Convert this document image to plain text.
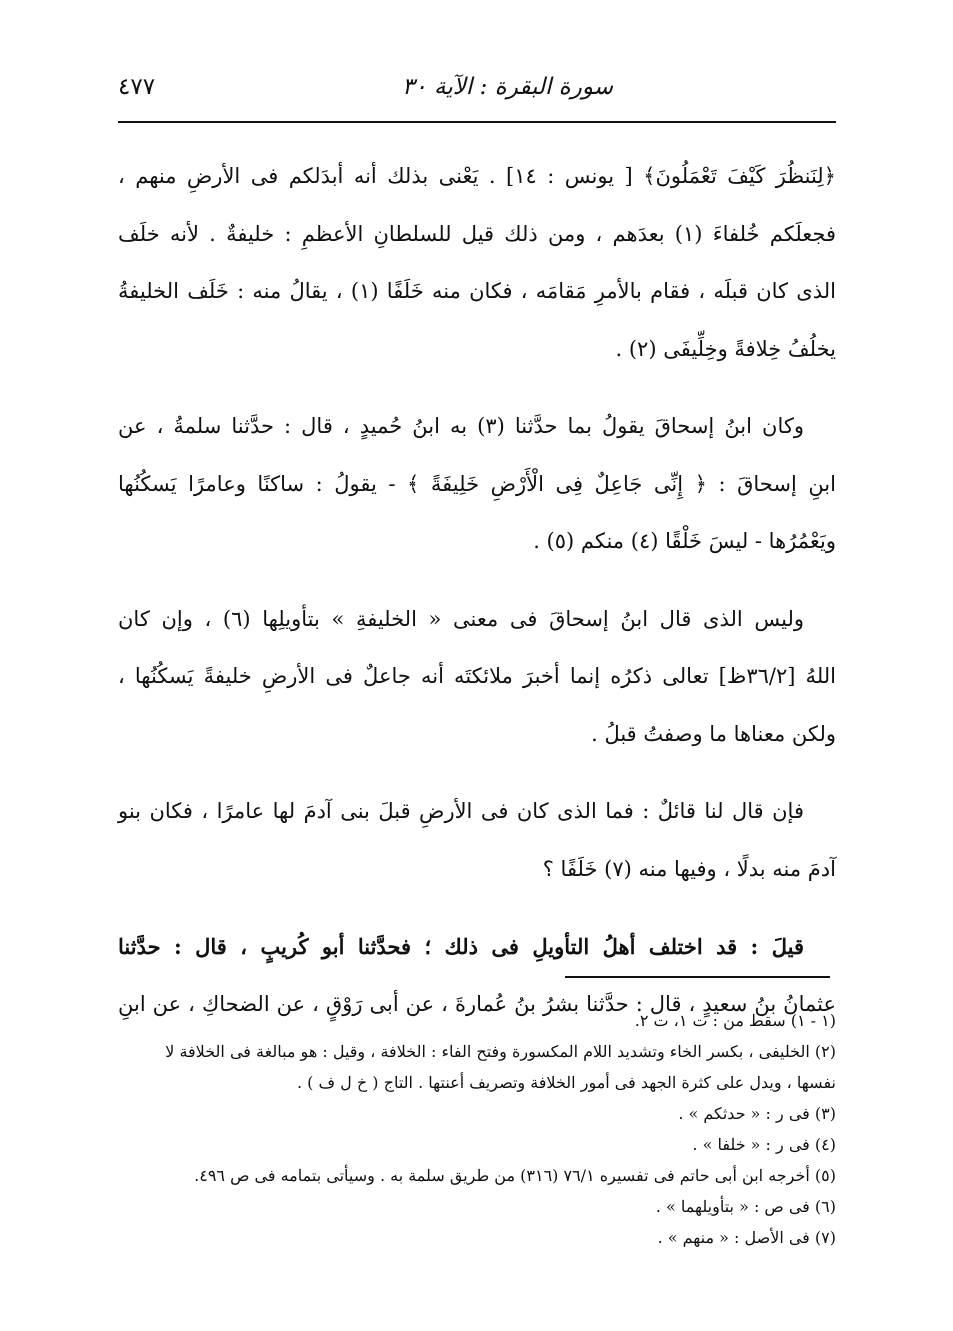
سورة البقرة : الآية ٣٠
٤٧٧

﴿لِنَنظُرَ كَيْفَ تَعْمَلُونَ﴾ [ يونس : ١٤] . يَعْنى بذلك أنه أبدَلكم فى الأرضِ منهم ،
فجعلَكم خُلفاءَ (١) بعدَهم ، ومن ذلك قيل للسلطانِ الأعظمِ : خليفةٌ . لأنه خلَف
الذى كان قبلَه ، فقام بالأمرِ مَقامَه ، فكان منه خَلَفًا (١) ، يقالُ منه : خَلَف الخليفةُ
يخلُفُ خِلافةً وخِلِّيفَى (٢) .

وكان ابنُ إسحاقَ يقولُ بما حدَّثنا (٣) به ابنُ حُميدٍ ، قال : حدَّثنا سلمةُ ، عن
ابنِ إسحاقَ : ﴿ إِنِّى جَاعِلٌ فِى الْأَرْضِ خَلِيفَةً ﴾ - يقولُ : ساكنًا وعامرًا يَسكُنُها
ويَعْمُرُها - ليسَ خَلْقًا (٤) منكم (٥) .

وليس الذى قال ابنُ إسحاقَ فى معنى « الخليفةِ » بتأويلِها (٦) ، وإن كان
اللهُ [٣٦/٢ظ] تعالى ذكرُه إنما أخبرَ ملائكتَه أنه جاعلٌ فى الأرضِ خليفةً يَسكُنُها ،
ولكن معناها ما وصفتُ قبلُ .

فإن قال لنا قائلٌ : فما الذى كان فى الأرضِ قبلَ بنى آدمَ لها عامرًا ، فكان بنو
آدمَ منه بدلًا ، وفيها منه (٧) خَلَفًا ؟

قيلَ : قد اختلف أهلُ التأويلِ فى ذلك ؛ فحدَّثنا أبو كُريبٍ ، قال : حدَّثنا
عثمانُ بنُ سعيدٍ ، قال : حدَّثنا بشرُ بنُ عُمارةَ ، عن أبى رَوْقٍ ، عن الضحاكِ ، عن ابنِ

(١ - ١) سقط من : ت ١، ت ٢.
(٢) الخليفى ، بكسر الخاء وتشديد اللام المكسورة وفتح الفاء : الخلافة ، وقيل : هو مبالغة فى الخلافة لا
نفسها ، ويدل على كثرة الجهد فى أمور الخلافة وتصريف أعنتها . التاج ( خ ل ف ) .
(٣) فى ر : « حدثكم » .
(٤) فى ر : « خلفا » .
(٥) أخرجه ابن أبى حاتم فى تفسيره ٧٦/١ (٣١٦) من طريق سلمة به . وسيأتى بتمامه فى ص ٤٩٦.
(٦) فى ص : « بتأويلهما » .
(٧) فى الأصل : « منهم » .
